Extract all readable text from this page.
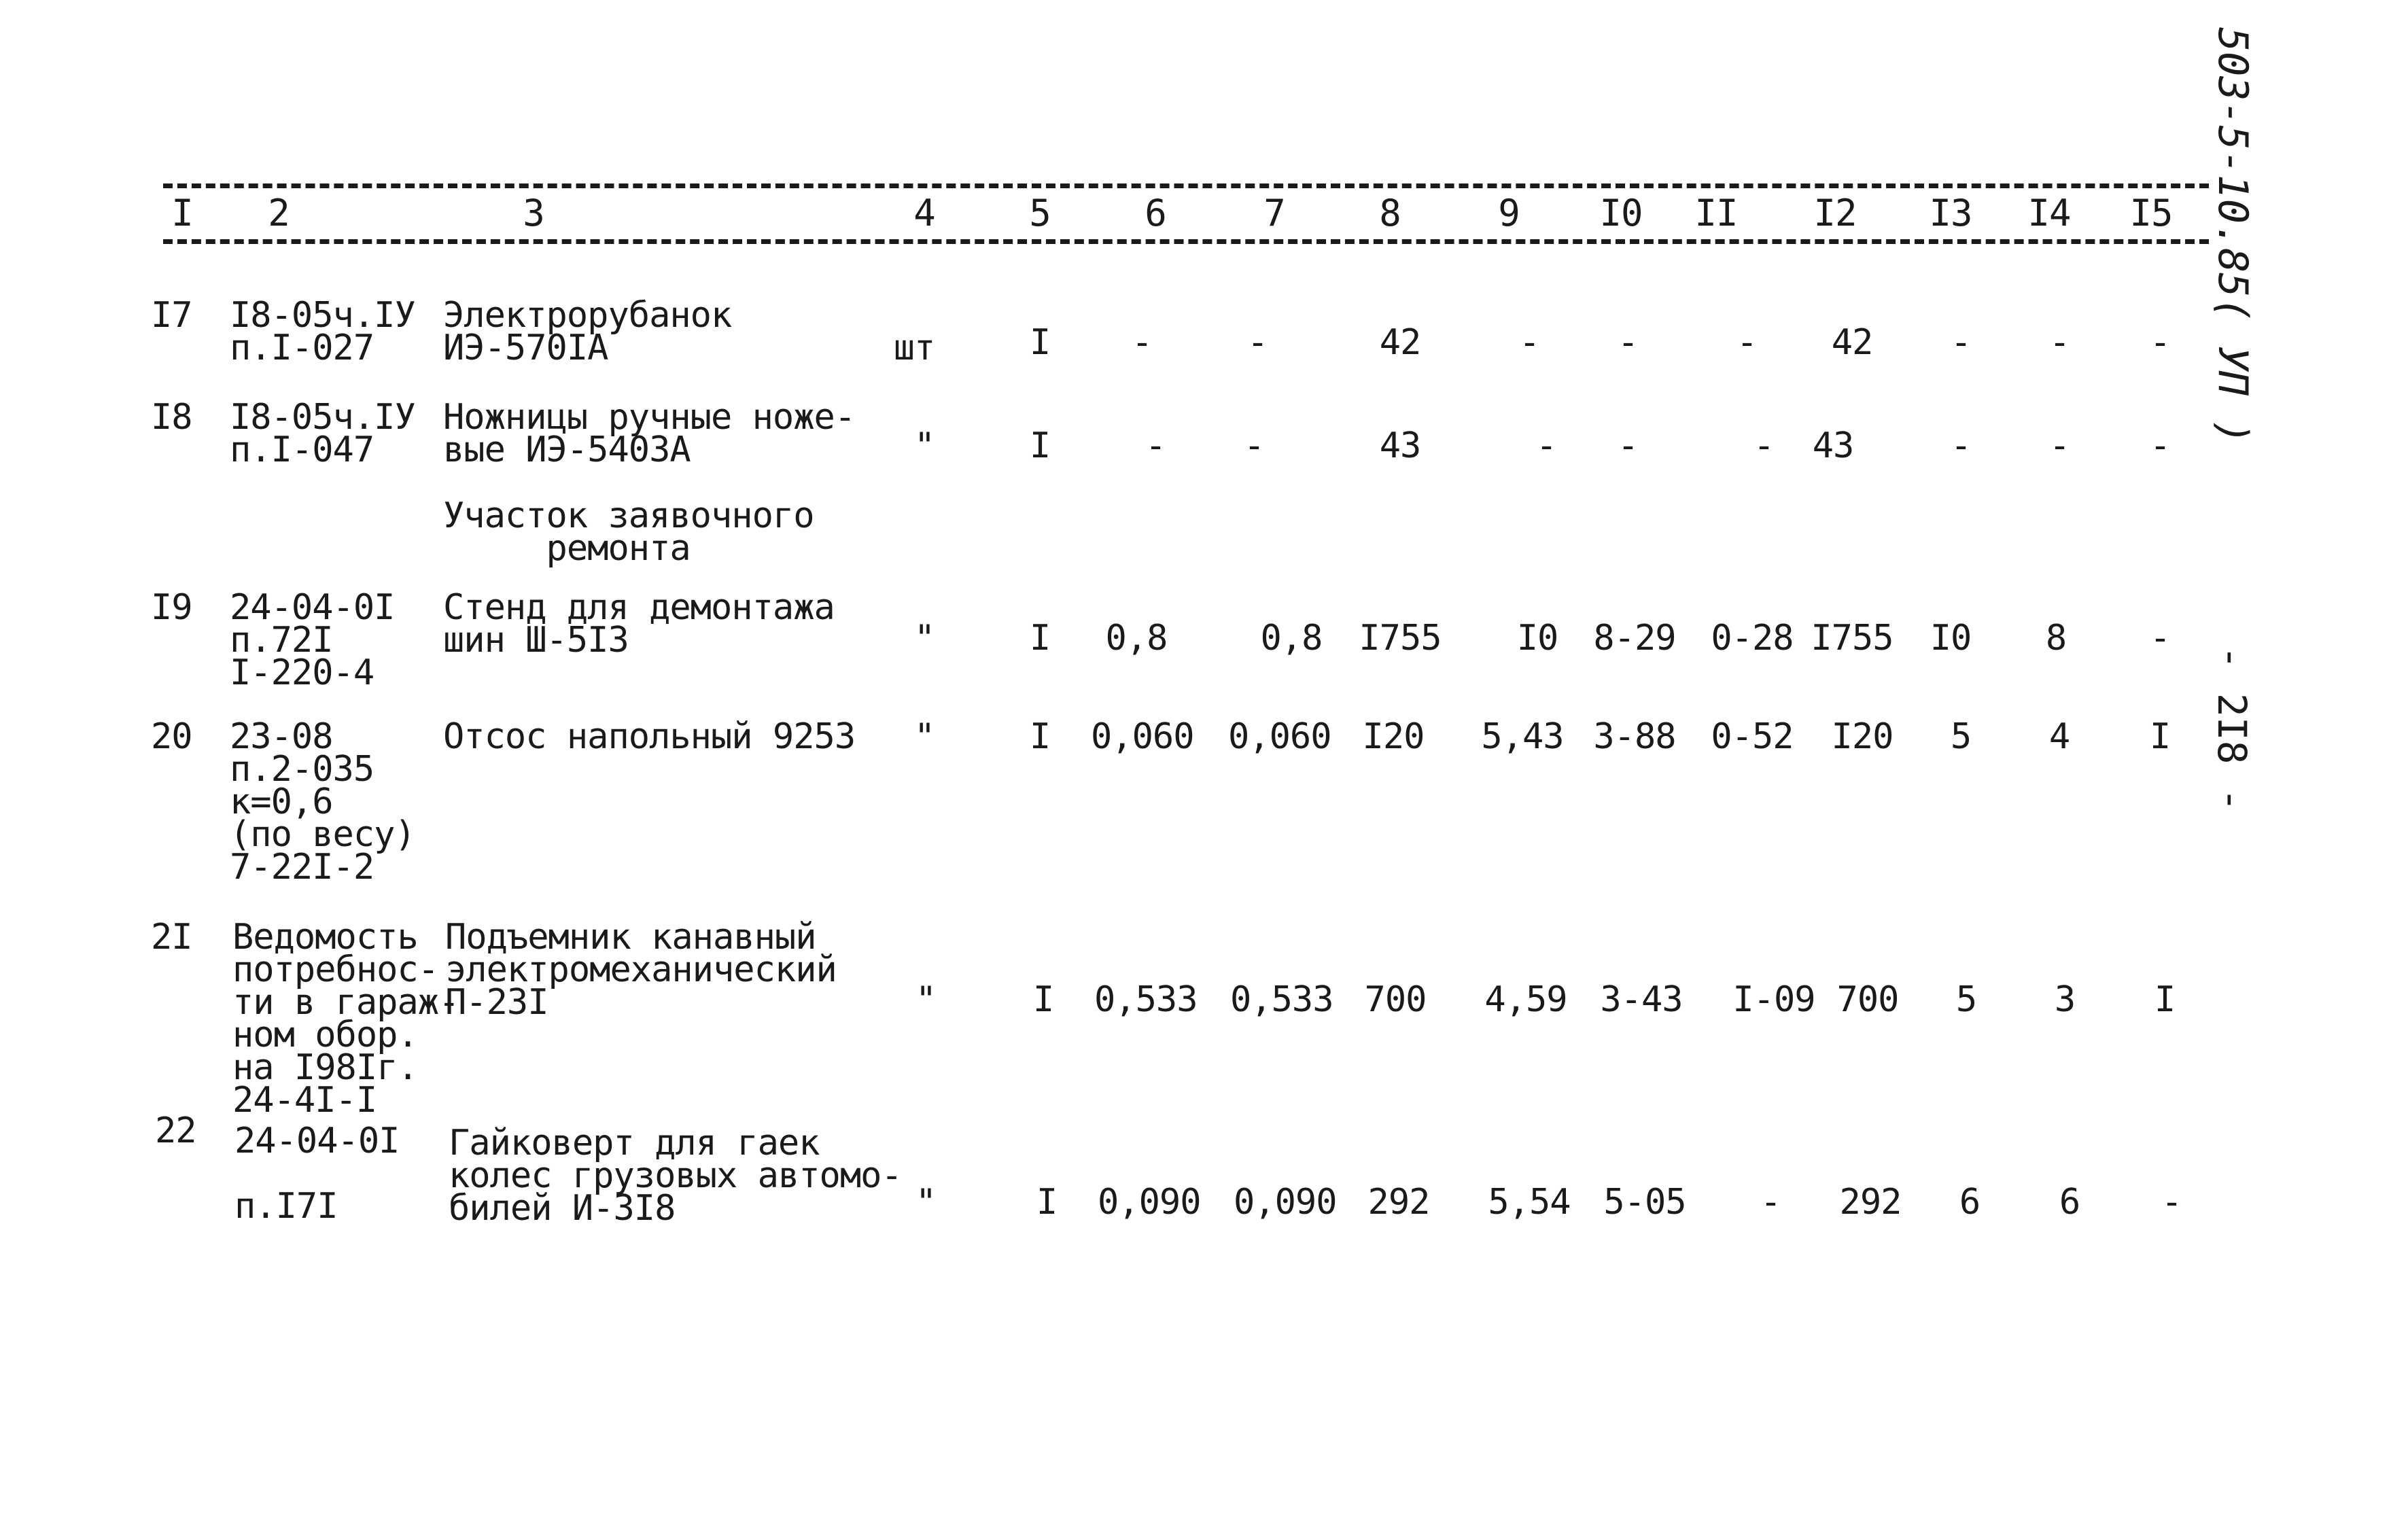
503-5-10.85( УП )
- 2I8 -
I	2	3	4	5	6	7	8	9	I0	II	I2	I3	I4	I5
I7 I8-05ч.IУ
п.I-027
Электрорубанок
ИЭ-570IА	шт	I	-	-	42	-	-	-	42	-	-	-
I8 I8-05ч.IУ
п.I-047
Ножницы ручные ноже-
вые ИЭ-5403А	"	I	-	-	43	-	-	-	43	-	-	-
Участок заявочного
ремонта
I9 24-04-0I
п.72I
I-220-4
Стенд для демонтажа
шин Ш-5I3	"	I	0,8	0,8	I755	I0	8-29 0-28 I755	I0	8	-
20 23-08
п.2-035
к=0,6
(по весу)
7-22I-2
Отсос напольный 9253	"	I	0,060 0,060 I20	5,43 3-88 0-52	I20	5	4	I
2I Ведомость
потребнос-
ти в гараж-
ном обор.
на I98Iг.
24-4I-I
Подъемник канавный
электромеханический
П-23I	"	I	0,533 0,533 700	4,59 3-43 I-09 700	5	3	I
22 24-04-0I

п.I7I
Гайковерт для гаек
колес грузовых автомо-
билей И-3I8	"	I	0,090 0,090 292	5,54 5-05	-	292	6	6	-
